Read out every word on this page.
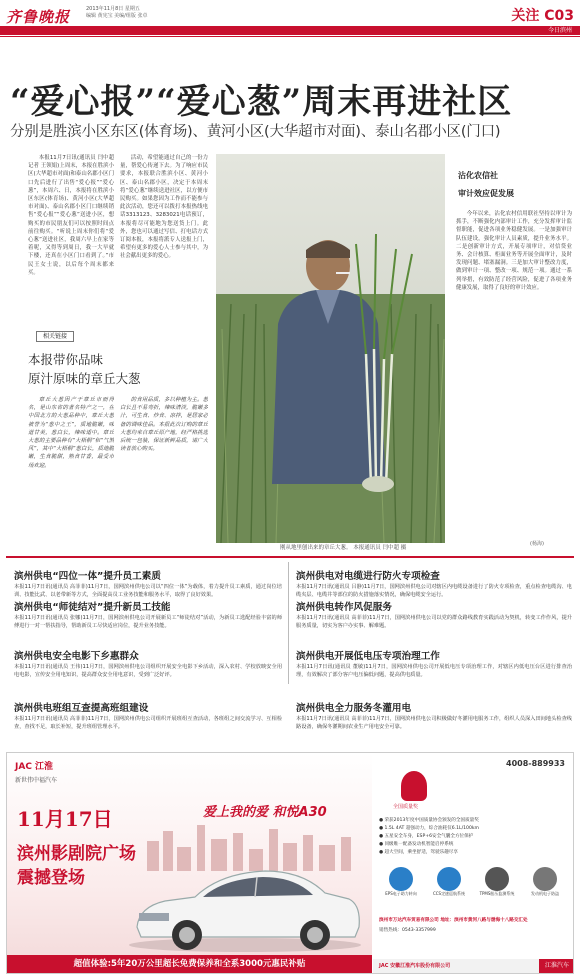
齐鲁晚报	2013年11月8日 星期五
编辑 黄宪宝 美编/组版 张卓	关注 C03
今日滨州
“爱心报”“爱心葱”周末再进社区
分别是胜滨小区东区(体育场)、黄河小区(大华超市对面)、泰山名郡小区(门口)

本报11月7日讯(通讯员 闫中超 记者 王领娟)上周末，本报在胜滨小区(大华超市对面)和泰山名郡小区门口先后进行了出售“爱心报”“爱心葱”，本周六、日，本报将在胜滨小区东区(体育场)、黄河小区(大华超市对面)、泰山名郡小区门口继续销售“爱心报”“爱心葱”送进小区，想购买的市民朋友们可以按照时间点前往购买。“听说上周末你们将“爱心葱”送进社区，我周六早上在家等着呢，又得等到周日，我一大早就下楼，还真在小区门口看到了。”市民王女士说，以后每个周末都来买。

活动，希望能通过自己的一份力量，帮爱心传递下去。为了响应市民要求，本报联合胜滨小区、黄河小区、泰山名郡小区，决定于本周末将“爱心葱”继续送进社区，以方便市民购买。如果您因为工作而不能参与此次活动，您还可以拨打本报热线电话3313123、3283021电话预订，本报将尽可能地为您送货上门。此外，您也可以通过写信、打电话方式订阅本报，本报将派专人送报上门，希望有更多的爱心人士参与其中，为社会献出更多的爱心。

相关链接
本报带你品味
原汁原味的章丘大葱

章丘大葱因产于章丘市而得名，是山东省的著名特产之一，在中国北方的大葱品种中，章丘大葱被誉为“葱中之王”，质地脆嫩，味道甘美，葱白长，辣味适中。章丘大葱的主要品种有“大梧桐”和“气煞风”，其中“大梧桐”葱白长，质地脆嫩，生食脆甜，熟食甘香，最受市场欢迎。

的食用品质，多以种植为主。葱白长且不易弯折，辣味清淡，脆嫩多汁，可生食、炒食、凉拌，是居家必备的调味佳品。本报此次订购的章丘大葱均来自章丘原产地，经严格挑选后统一包装，保证新鲜品质，请广大读者放心购买。

刚从地里刨出来的章丘大葱。 本报通讯员 闫中超 摄
沾化农信社
审计效应促发展

今年以来，沾化农村信用联社坚持以审计为抓手，不断强化内部审计工作，充分发挥审计监督职能，促进各项业务稳健发展。一是加强审计队伍建设，强化审计人员素质，提升业务水平。二是创新审计方式，开展专项审计，对信贷业务、会计核算、柜面业务等开展全面审计，及时发现问题、堵塞漏洞。三是加大审计整改力度，做到审计一项、整改一项、规范一项。通过一系列举措，有效防范了经营风险，促进了各项业务健康发展，取得了良好的审计效应。

(杨海)
滨州供电“四位一体”提升员工素质
本报11月7日讯(通讯员 高菲菲)11月7日，国网滨州供电公司以“四位一体”为载体，着力提升员工素质，通过岗位培训、技能比武、以老带新等方式，全面提高员工业务技能和服务水平，取得了良好效果。
滨州供电“师徒结对”提升新员工技能
本报11月7日讯(通讯员 张娜)11月7日，国网滨州供电公司开展新员工“师徒结对”活动，为新员工选配经验丰富的师傅进行一对一帮扶指导，帮助新员工尽快适应岗位，提升业务技能。
滨州供电安全电影下乡惠群众
本报11月7日讯(通讯员 王伟)11月7日，国网滨州供电公司组织开展安全电影下乡活动，深入农村、学校放映安全用电电影，宣传安全用电知识，提高群众安全用电意识，受到广泛好评。
滨州供电班组互查提高班组建设
本报11月7日讯(通讯员 高菲菲)11月7日，国网滨州供电公司组织开展班组互查活动，各班组之间交流学习、互相检查，查找不足，取长补短，提升班组管理水平。
滨州供电对电缆进行防火专项检查
本报11月7日讯(通讯员 吕静)11月7日，国网滨州供电公司对辖区内电缆设备进行了防火专项检查，重点检查电缆沟、电缆夹层、电缆井等部位的防火措施落实情况，确保电缆安全运行。
滨州供电转作风促服务
本报11月7日讯(通讯员 高菲菲)11月7日，国网滨州供电公司以党的群众路线教育实践活动为契机，转变工作作风，提升服务质量，切实为客户办实事、解难题。
滨州供电开展低电压专项治理工作
本报11月7日讯(通讯员 董敏)11月7日，国网滨州供电公司开展低电压专项治理工作，对辖区内低电压台区进行排查治理，有效解决了部分客户电压偏低问题，提高供电质量。
滨州供电全力服务冬灌用电
本报11月7日讯(通讯员 高菲菲)11月7日，国网滨州供电公司积极做好冬灌用电服务工作，组织人员深入田间地头检查线路设备，确保冬灌期间农业生产用电安全可靠。
JAC 江淮
新世伟中福汽车
11月17日
滨州影剧院广场
震撼登场
爱上我的爱 和悦A30
超值体验:5年20万公里超长免费保养和全系3000元惠民补贴
4008-889933
全国质量奖
● 荣获2013年度中国质量协会颁发的全国质量奖
● 1.5L 4AT 超强动力，综合油耗仅6.1L/100km
● 五星安全车身，ESP+6安全气囊全方位保护
● 同级唯一配备发动机智能启停系统
● 超大空间，乘坐舒适，驾驶乐趣尽享
EPS电子助力转向	CCS定速巡航系统	TPMS胎压监测系统	发动机电子防盗
滨州市万达汽车贸易有限公司 地址：滨州市黄河八路与渤海十八路交汇处
销售热线：0543-3357999
JAC 安徽江淮汽车股份有限公司	江淮汽车
